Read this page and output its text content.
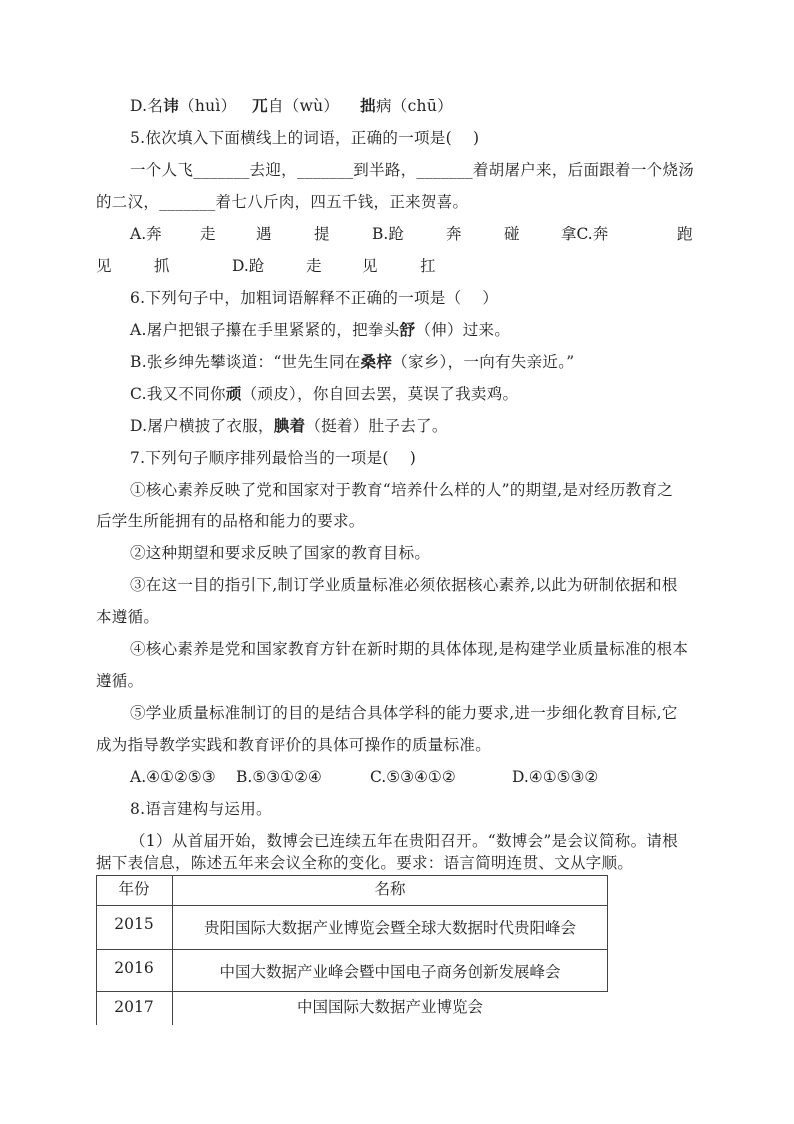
D.名讳（huì） 兀自（wù） 拙病（chū）
5.依次填入下面横线上的词语，正确的一项是(　 )
一个人飞_______去迎，_______到半路，_______着胡屠户来，后面跟着一个烧汤
的二汉，_______着七八斤肉，四五千钱，正来贺喜。
A.奔 走	遇	提	B.跄	奔	碰	拿C.奔	跑
见	抓	D.跄	走	见	扛
6.下列句子中，加粗词语解释不正确的一项是（　 ）
A.屠户把银子攥在手里紧紧的，把拳头舒（伸）过来。
B.张乡绅先攀谈道：“世先生同在桑梓（家乡），一向有失亲近。”
C.我又不同你顽（顽皮），你自回去罢，莫误了我卖鸡。
D.屠户横披了衣服，腆着（挺着）肚子去了。
7.下列句子顺序排列最恰当的一项是(　 )
①核心素养反映了党和国家对于教育“培养什么样的人”的期望,是对经历教育之
后学生所能拥有的品格和能力的要求。
②这种期望和要求反映了国家的教育目标。
③在这一目的指引下,制订学业质量标准必须依据核心素养,以此为研制依据和根
本遵循。
④核心素养是党和国家教育方针在新时期的具体体现,是构建学业质量标准的根本
遵循。
⑤学业质量标准制订的目的是结合具体学科的能力要求,进一步细化教育目标,它
成为指导教学实践和教育评价的具体可操作的质量标准。
A.④①②⑤③ B.⑤③①②④	C.⑤③④①②	D.④①⑤③②
8.语言建构与运用。
（1）从首届开始，数博会已连续五年在贵阳召开。“数博会”是会议简称。请根
据下表信息，陈述五年来会议全称的变化。要求：语言简明连贯、文从字顺。
年份	名称
2015	贵阳国际大数据产业博览会暨全球大数据时代贵阳峰会
2016	中国大数据产业峰会暨中国电子商务创新发展峰会
2017	中国国际大数据产业博览会
